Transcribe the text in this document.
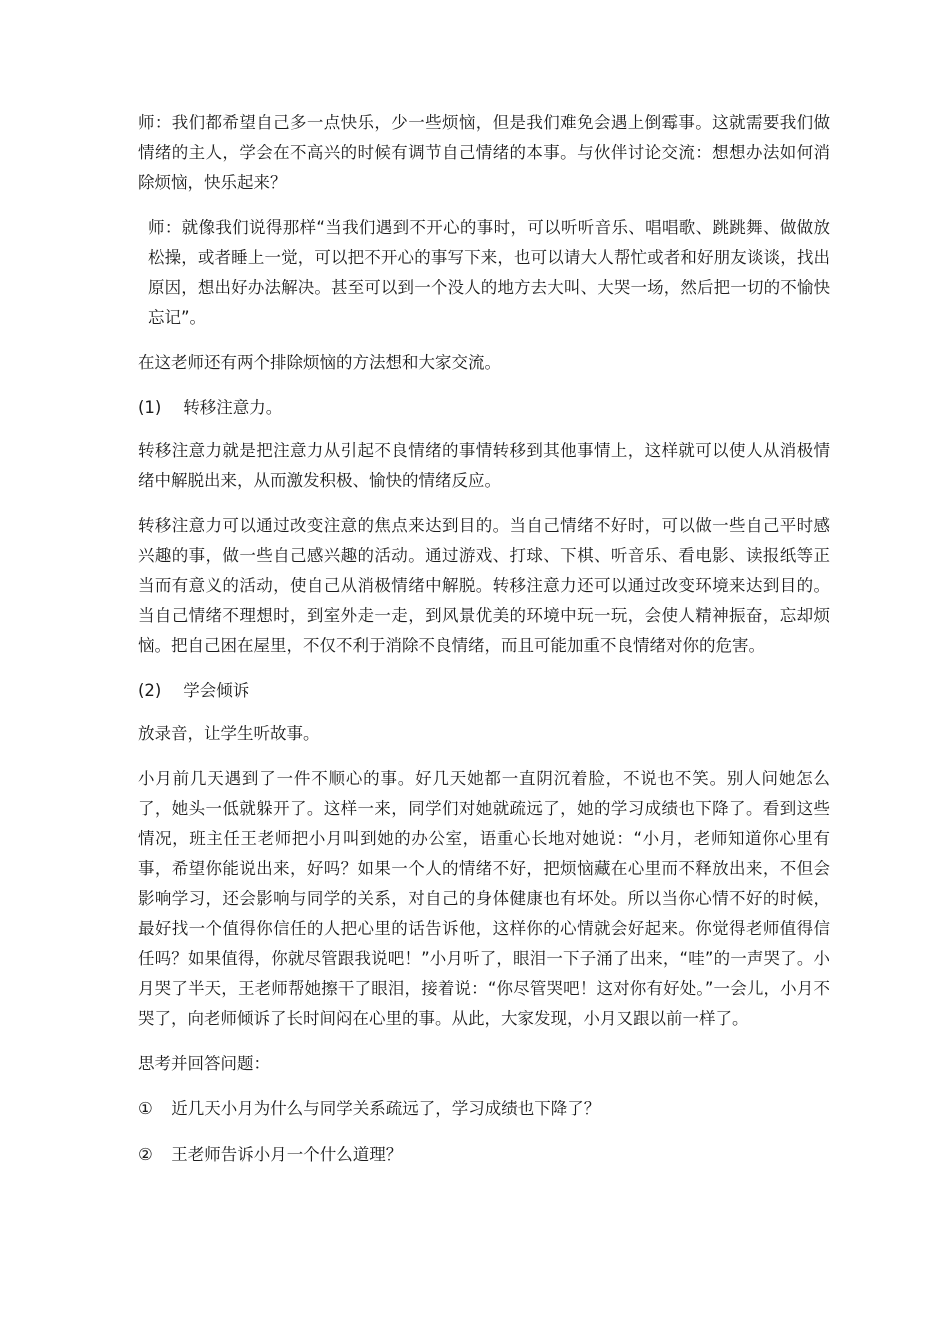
师：我们都希望自己多一点快乐，少一些烦恼，但是我们难免会遇上倒霉事。这就需要我们做情绪的主人，学会在不高兴的时候有调节自己情绪的本事。与伙伴讨论交流：想想办法如何消除烦恼，快乐起来？

师：就像我们说得那样“当我们遇到不开心的事时，可以听听音乐、唱唱歌、跳跳舞、做做放松操，或者睡上一觉，可以把不开心的事写下来，也可以请大人帮忙或者和好朋友谈谈，找出原因，想出好办法解决。甚至可以到一个没人的地方去大叫、大哭一场，然后把一切的不愉快忘记”。

在这老师还有两个排除烦恼的方法想和大家交流。

(1) 转移注意力。

转移注意力就是把注意力从引起不良情绪的事情转移到其他事情上，这样就可以使人从消极情绪中解脱出来，从而激发积极、愉快的情绪反应。

转移注意力可以通过改变注意的焦点来达到目的。当自己情绪不好时，可以做一些自己平时感兴趣的事，做一些自己感兴趣的活动。通过游戏、打球、下棋、听音乐、看电影、读报纸等正当而有意义的活动，使自己从消极情绪中解脱。转移注意力还可以通过改变环境来达到目的。当自己情绪不理想时，到室外走一走，到风景优美的环境中玩一玩，会使人精神振奋，忘却烦恼。把自己困在屋里，不仅不利于消除不良情绪，而且可能加重不良情绪对你的危害。

(2) 学会倾诉

放录音，让学生听故事。

小月前几天遇到了一件不顺心的事。好几天她都一直阴沉着脸，不说也不笑。别人问她怎么了，她头一低就躲开了。这样一来，同学们对她就疏远了，她的学习成绩也下降了。看到这些情况，班主任王老师把小月叫到她的办公室，语重心长地对她说：“小月，老师知道你心里有事，希望你能说出来，好吗？如果一个人的情绪不好，把烦恼藏在心里而不释放出来，不但会影响学习，还会影响与同学的关系，对自己的身体健康也有坏处。所以当你心情不好的时候，最好找一个值得你信任的人把心里的话告诉他，这样你的心情就会好起来。你觉得老师值得信任吗？如果值得，你就尽管跟我说吧！”小月听了，眼泪一下子涌了出来，“哇”的一声哭了。小月哭了半天，王老师帮她擦干了眼泪，接着说：“你尽管哭吧！这对你有好处。”一会儿，小月不哭了，向老师倾诉了长时间闷在心里的事。从此，大家发现，小月又跟以前一样了。

思考并回答问题：

① 近几天小月为什么与同学关系疏远了，学习成绩也下降了？
② 王老师告诉小月一个什么道理？
